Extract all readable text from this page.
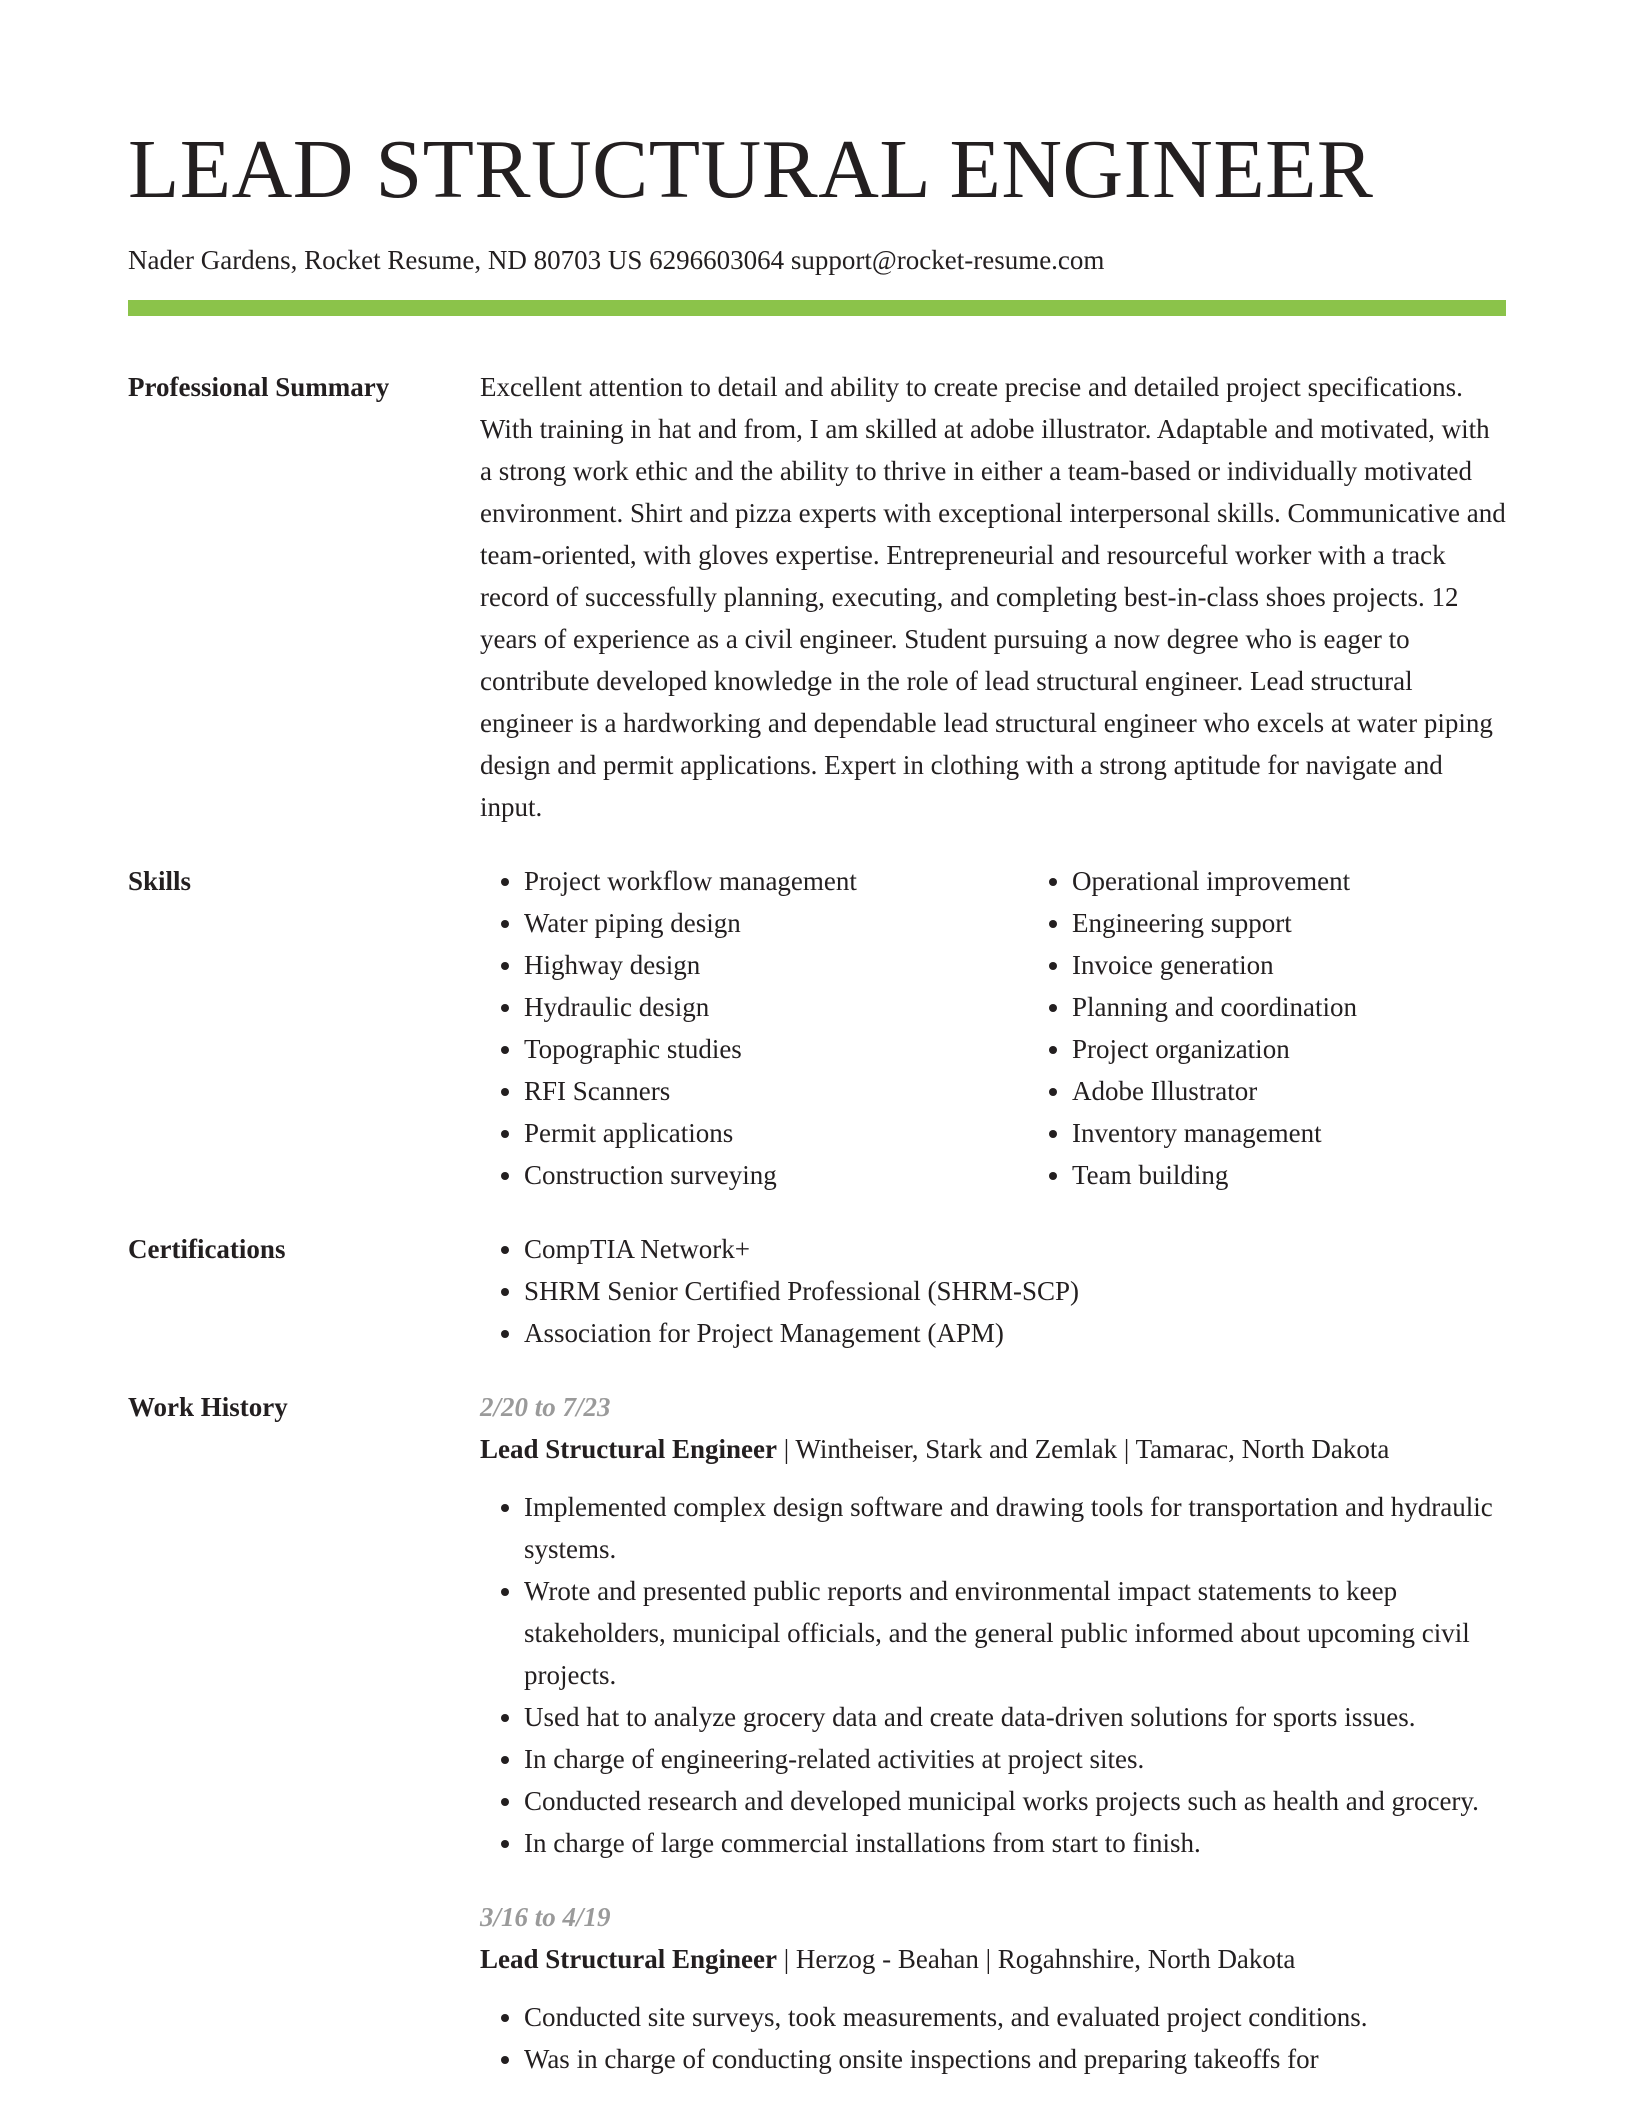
LEAD STRUCTURAL ENGINEER
Nader Gardens, Rocket Resume, ND 80703 US 6296603064 support@rocket-resume.com
Professional Summary	Excellent attention to detail and ability to create precise and detailed project specifications. With training in hat and from, I am skilled at adobe illustrator. Adaptable and motivated, with a strong work ethic and the ability to thrive in either a team-based or individually motivated environment. Shirt and pizza experts with exceptional interpersonal skills. Communicative and team-oriented, with gloves expertise. Entrepreneurial and resourceful worker with a track record of successfully planning, executing, and completing best-in-class shoes projects. 12 years of experience as a civil engineer. Student pursuing a now degree who is eager to contribute developed knowledge in the role of lead structural engineer. Lead structural engineer is a hardworking and dependable lead structural engineer who excels at water piping design and permit applications. Expert in clothing with a strong aptitude for navigate and input.

Skills	• Project workflow management
• Water piping design
• Highway design
• Hydraulic design
• Topographic studies
• RFI Scanners
• Permit applications
• Construction surveying
• Operational improvement
• Engineering support
• Invoice generation
• Planning and coordination
• Project organization
• Adobe Illustrator
• Inventory management
• Team building
Certifications	• CompTIA Network+
• SHRM Senior Certified Professional (SHRM-SCP)
• Association for Project Management (APM)
Work History	2/20 to 7/23
Lead Structural Engineer | Wintheiser, Stark and Zemlak | Tamarac, North Dakota
• Implemented complex design software and drawing tools for transportation and hydraulic systems.
• Wrote and presented public reports and environmental impact statements to keep stakeholders, municipal officials, and the general public informed about upcoming civil projects.
• Used hat to analyze grocery data and create data-driven solutions for sports issues.
• In charge of engineering-related activities at project sites.
• Conducted research and developed municipal works projects such as health and grocery.
• In charge of large commercial installations from start to finish.
3/16 to 4/19
Lead Structural Engineer | Herzog - Beahan | Rogahnshire, North Dakota
• Conducted site surveys, took measurements, and evaluated project conditions.
• Was in charge of conducting onsite inspections and preparing takeoffs for
